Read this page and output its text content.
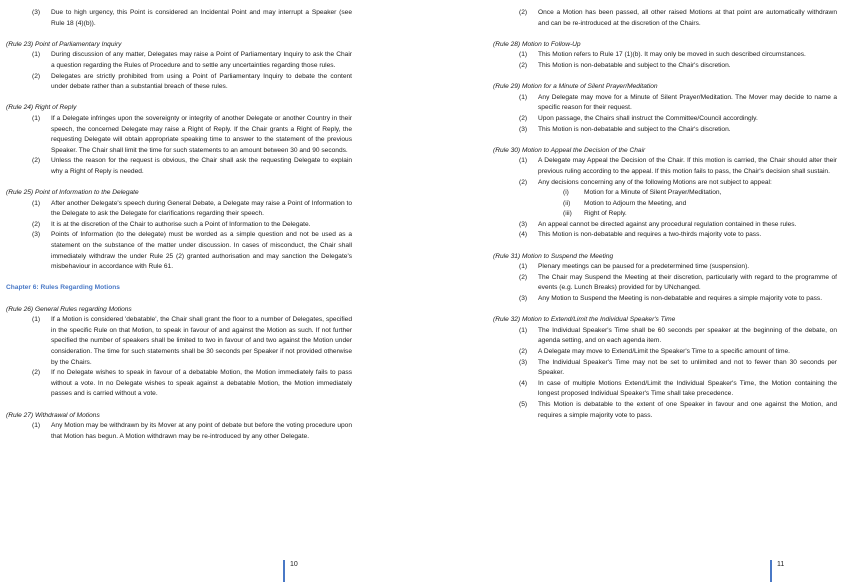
(3)	Due to high urgency, this Point is considered an Incidental Point and may interrupt a Speaker (see Rule 18 (4)(b)).
(Rule 23) Point of Parliamentary Inquiry
(1)	During discussion of any matter, Delegates may raise a Point of Parliamentary Inquiry to ask the Chair a question regarding the Rules of Procedure and to settle any uncertainties regarding those rules.
(2)	Delegates are strictly prohibited from using a Point of Parliamentary Inquiry to debate the content under debate rather than a substantial breach of these rules.
(Rule 24) Right of Reply
(1)	If a Delegate infringes upon the sovereignty or integrity of another Delegate or another Country in their speech, the concerned Delegate may raise a Right of Reply. If the Chair grants a Right of Reply, the requesting Delegate will obtain appropriate speaking time to answer to the statement of the previous Speaker. The Chair shall limit the time for such statements to an amount between 30 and 90 seconds.
(2)	Unless the reason for the request is obvious, the Chair shall ask the requesting Delegate to explain why a Right of Reply is needed.
(Rule 25) Point of Information to the Delegate
(1)	After another Delegate's speech during General Debate, a Delegate may raise a Point of Information to the Delegate to ask the Delegate for clarifications regarding their speech.
(2)	It is at the discretion of the Chair to authorise such a Point of Information to the Delegate.
(3)	Points of Information (to the delegate) must be worded as a simple question and not be used as a statement on the substance of the matter under discussion. In cases of misconduct, the Chair shall immediately withdraw the under Rule 25 (2) granted authorisation and may sanction the Delegate's misbehaviour in accordance with Rule 61.
Chapter 6: Rules Regarding Motions
(Rule 26) General Rules regarding Motions
(1)	If a Motion is considered 'debatable', the Chair shall grant the floor to a number of Delegates, specified in the specific Rule on that Motion, to speak in favour of and against the Motion as such. If not further specified the number of speakers shall be limited to two in favour of and two against the Motion under consideration. The time for such statements shall be 30 seconds per Speaker if not provided otherwise by the Chairs.
(2)	If no Delegate wishes to speak in favour of a debatable Motion, the Motion immediately fails to pass without a vote. In no Delegate wishes to speak against a debatable Motion, the Motion immediately passes and is carried without a vote.
(Rule 27) Withdrawal of Motions
(1)	Any Motion may be withdrawn by its Mover at any point of debate but before the voting procedure upon that Motion has begun. A Motion withdrawn may be re-introduced by any other Delegate.
10
(2)	Once a Motion has been passed, all other raised Motions at that point are automatically withdrawn and can be re-introduced at the discretion of the Chairs.
(Rule 28) Motion to Follow-Up
(1)	This Motion refers to Rule 17 (1)(b). It may only be moved in such described circumstances.
(2)	This Motion is non-debatable and subject to the Chair's discretion.
(Rule 29) Motion for a Minute of Silent Prayer/Meditation
(1)	Any Delegate may move for a Minute of Silent Prayer/Meditation. The Mover may decide to name a specific reason for their request.
(2)	Upon passage, the Chairs shall instruct the Committee/Council accordingly.
(3)	This Motion is non-debatable and subject to the Chair's discretion.
(Rule 30) Motion to Appeal the Decision of the Chair
(1)	A Delegate may Appeal the Decision of the Chair. If this motion is carried, the Chair should alter their previous ruling according to the appeal. If this motion fails to pass, the Chair's decision shall sustain.
(2)	Any decisions concerning any of the following Motions are not subject to appeal:
(i)	Motion for a Minute of Silent Prayer/Meditation,
(ii)	Motion to Adjourn the Meeting, and
(iii)	Right of Reply.
(3)	An appeal cannot be directed against any procedural regulation contained in these rules.
(4)	This Motion is non-debatable and requires a two-thirds majority vote to pass.
(Rule 31) Motion to Suspend the Meeting
(1)	Plenary meetings can be paused for a predetermined time (suspension).
(2)	The Chair may Suspend the Meeting at their discretion, particularly with regard to the programme of events (e.g. Lunch Breaks) provided for by UNchanged.
(3)	Any Motion to Suspend the Meeting is non-debatable and requires a simple majority vote to pass.
(Rule 32) Motion to Extend/Limit the Individual Speaker's Time
(1)	The Individual Speaker's Time shall be 60 seconds per speaker at the beginning of the debate, on agenda setting, and on each agenda item.
(2)	A Delegate may move to Extend/Limit the Speaker's Time to a specific amount of time.
(3)	The Individual Speaker's Time may not be set to unlimited and not to fewer than 30 seconds per Speaker.
(4)	In case of multiple Motions Extend/Limit the Individual Speaker's Time, the Motion containing the longest proposed Individual Speaker's Time shall take precedence.
(5)	This Motion is debatable to the extent of one Speaker in favour and one against the Motion, and requires a simple majority vote to pass.
11
